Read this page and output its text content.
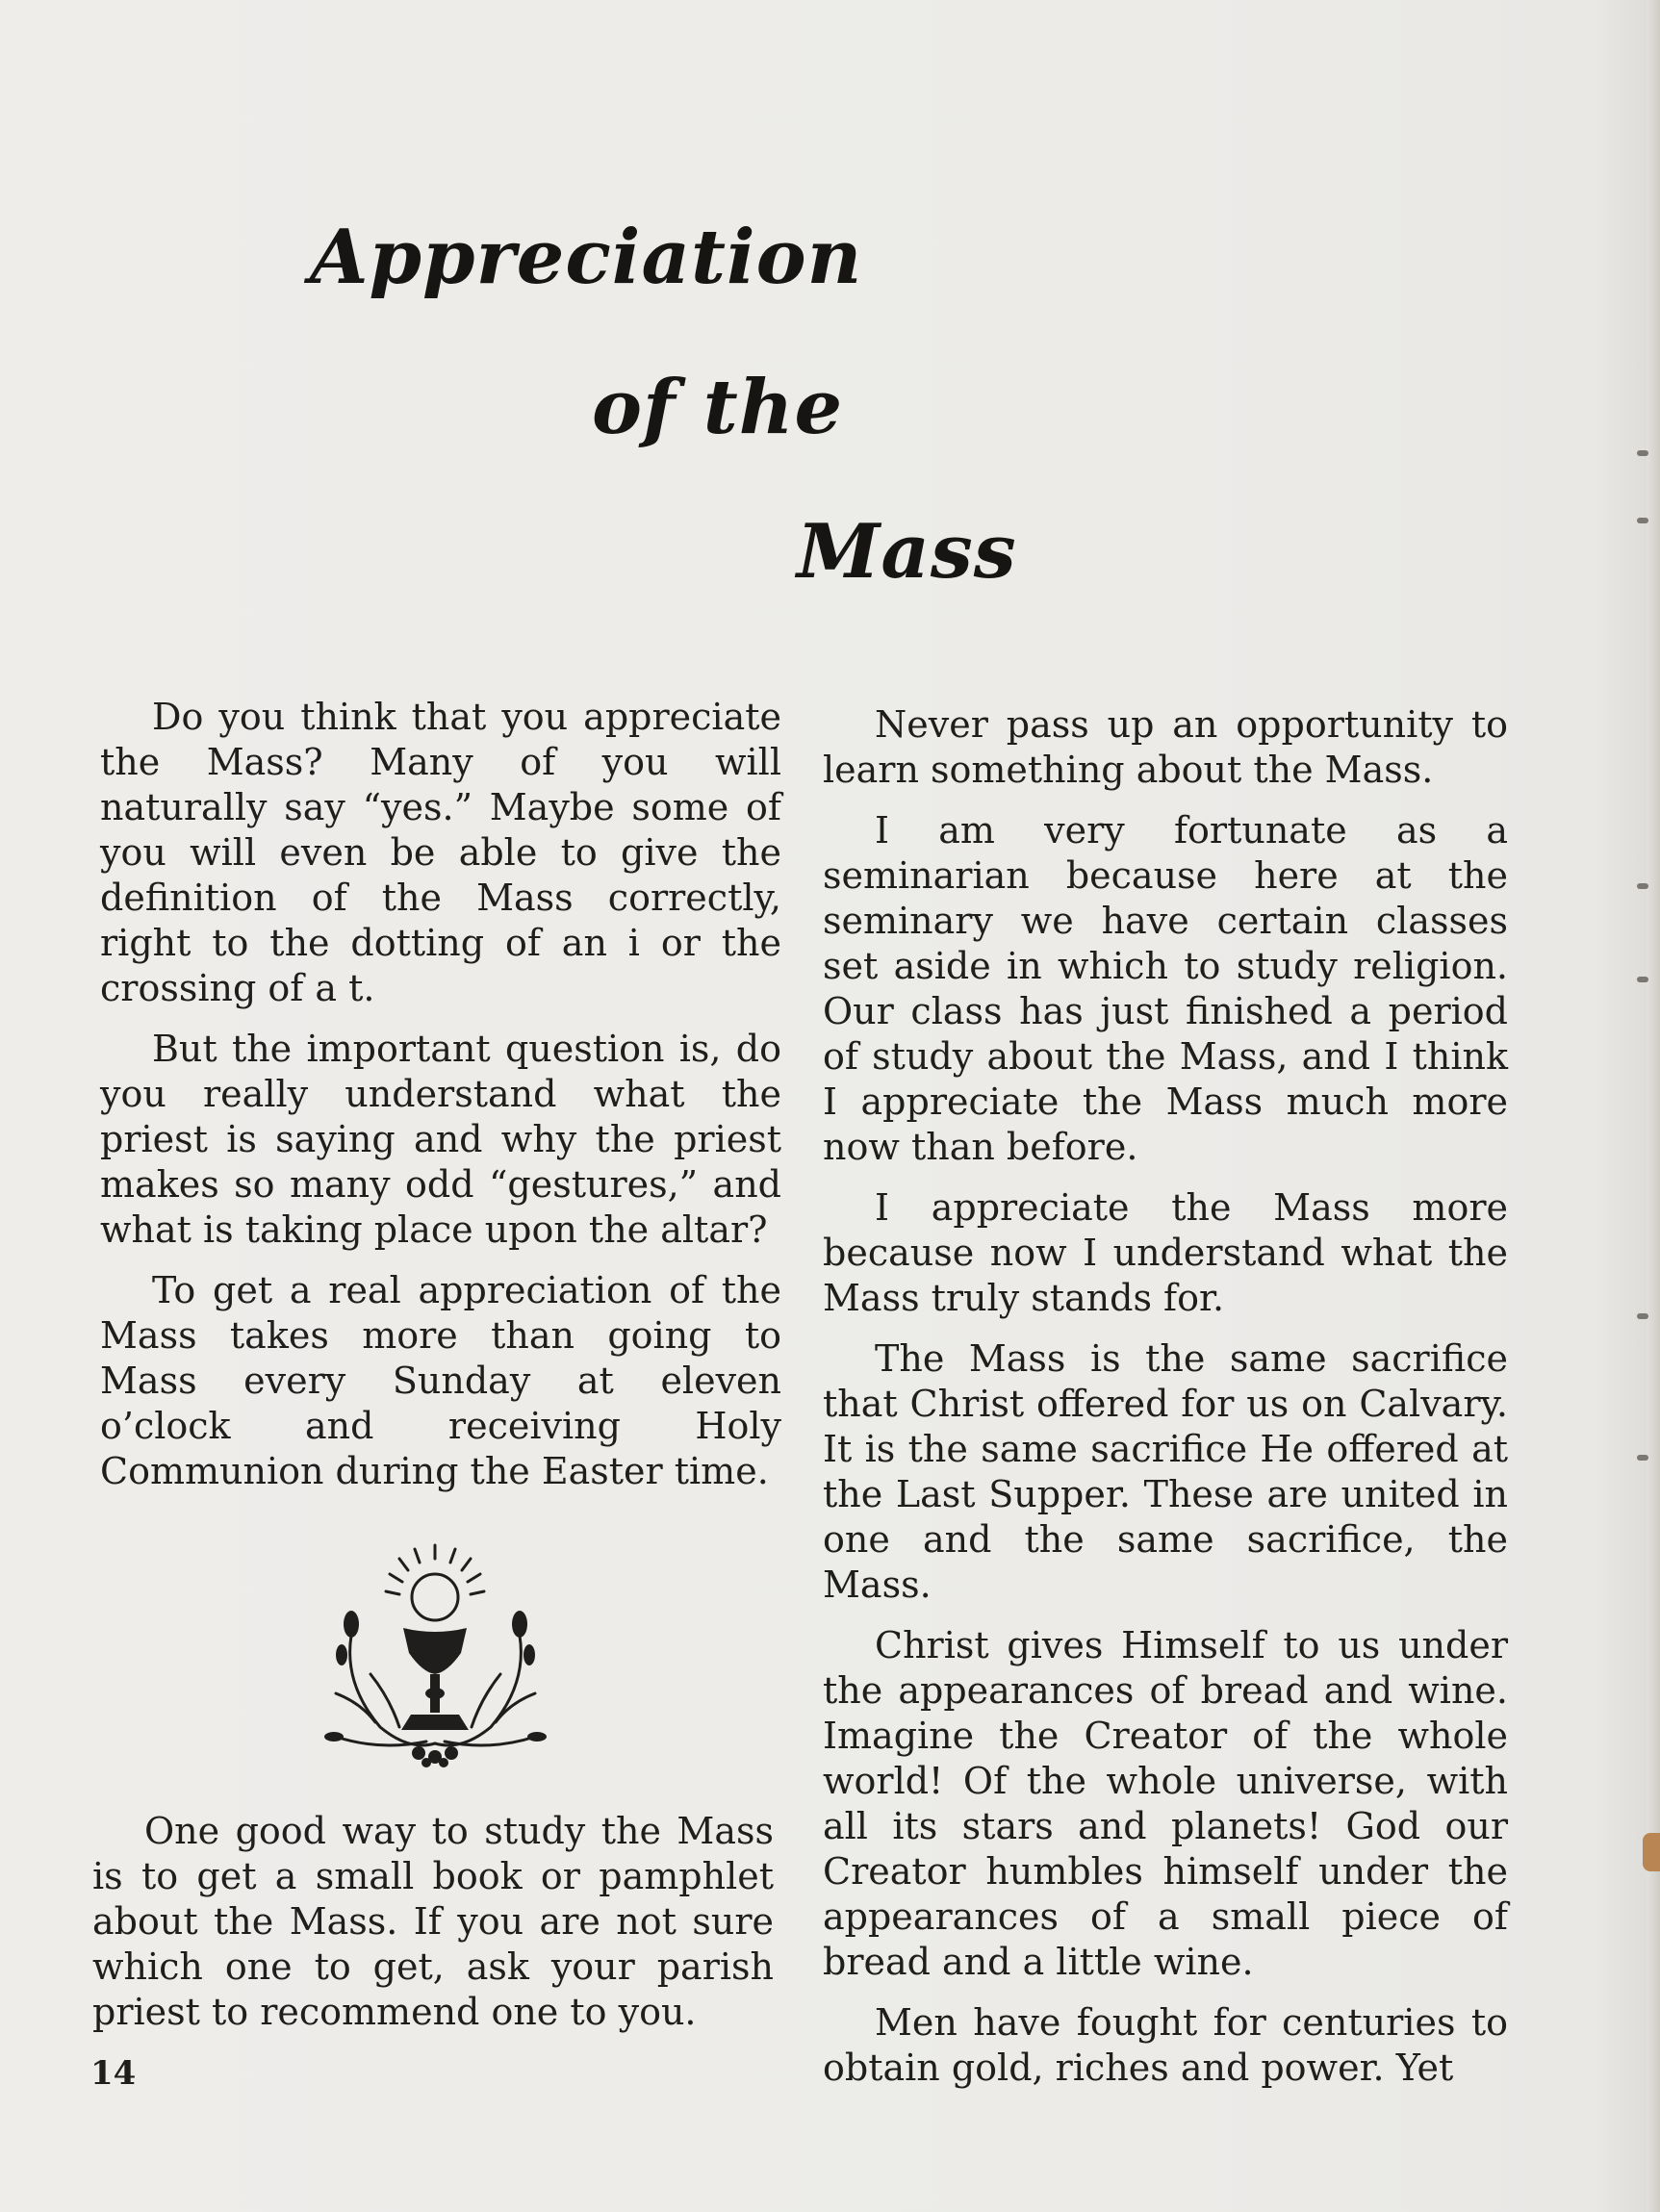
Appreciation
of the
Mass

Do you think that you appreciate the Mass? Many of you will naturally say “yes.” Maybe some of you will even be able to give the definition of the Mass correctly, right to the dotting of an i or the crossing of a t.

But the important question is, do you really understand what the priest is saying and why the priest makes so many odd “gestures,” and what is taking place upon the altar?

To get a real appreciation of the Mass takes more than going to Mass every Sunday at eleven o’clock and receiving Holy Communion during the Easter time.

One good way to study the Mass is to get a small book or pamphlet about the Mass. If you are not sure which one to get, ask your parish priest to recommend one to you.

Never pass up an opportunity to learn something about the Mass.

I am very fortunate as a seminarian because here at the seminary we have certain classes set aside in which to study religion. Our class has just finished a period of study about the Mass, and I think I appreciate the Mass much more now than before.

I appreciate the Mass more because now I understand what the Mass truly stands for.

The Mass is the same sacrifice that Christ offered for us on Calvary. It is the same sacrifice He offered at the Last Supper. These are united in one and the same sacrifice, the Mass.

Christ gives Himself to us under the appearances of bread and wine. Imagine the Creator of the whole world! Of the whole universe, with all its stars and planets! God our Creator humbles himself under the appearances of a small piece of bread and a little wine.

Men have fought for centuries to obtain gold, riches and power. Yet

14
